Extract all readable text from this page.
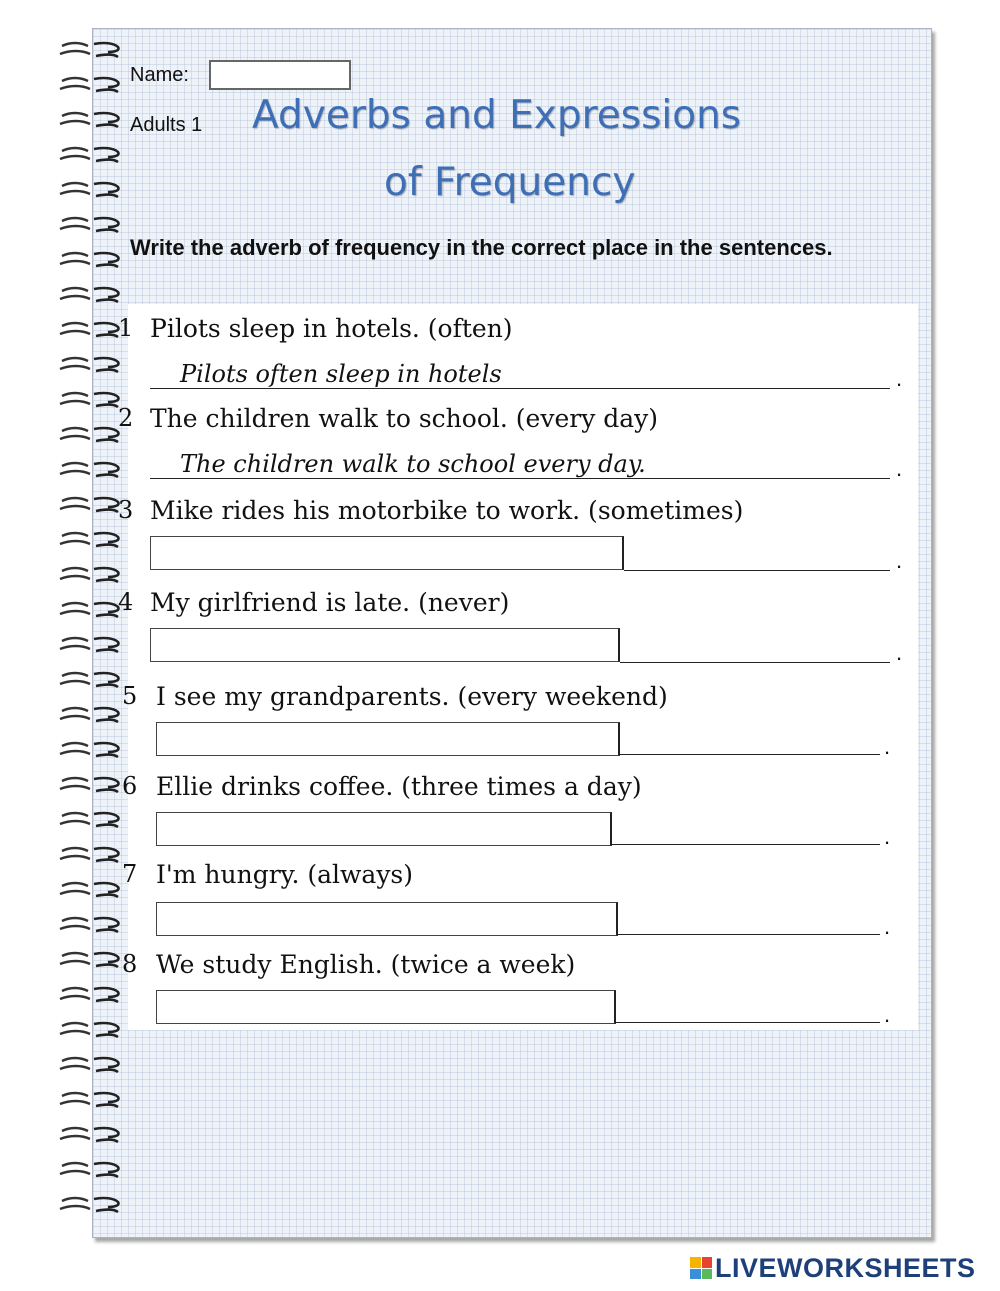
Name:
Adults 1 Adverbs and Expressions
of Frequency
Write the adverb of frequency in the correct place in the sentences.
1 Pilots sleep in hotels. (often)
Pilots often sleep in hotels	.
2 The children walk to school. (every day)
The children walk to school every day.	.
3 Mike rides his motorbike to work. (sometimes)
.
4 My girlfriend is late. (never)
.
5 I see my grandparents. (every weekend)
.
6 Ellie drinks coffee. (three times a day)
.
7 I'm hungry. (always)
.
8 We study English. (twice a week)
.
LIVEWORKSHEETS
